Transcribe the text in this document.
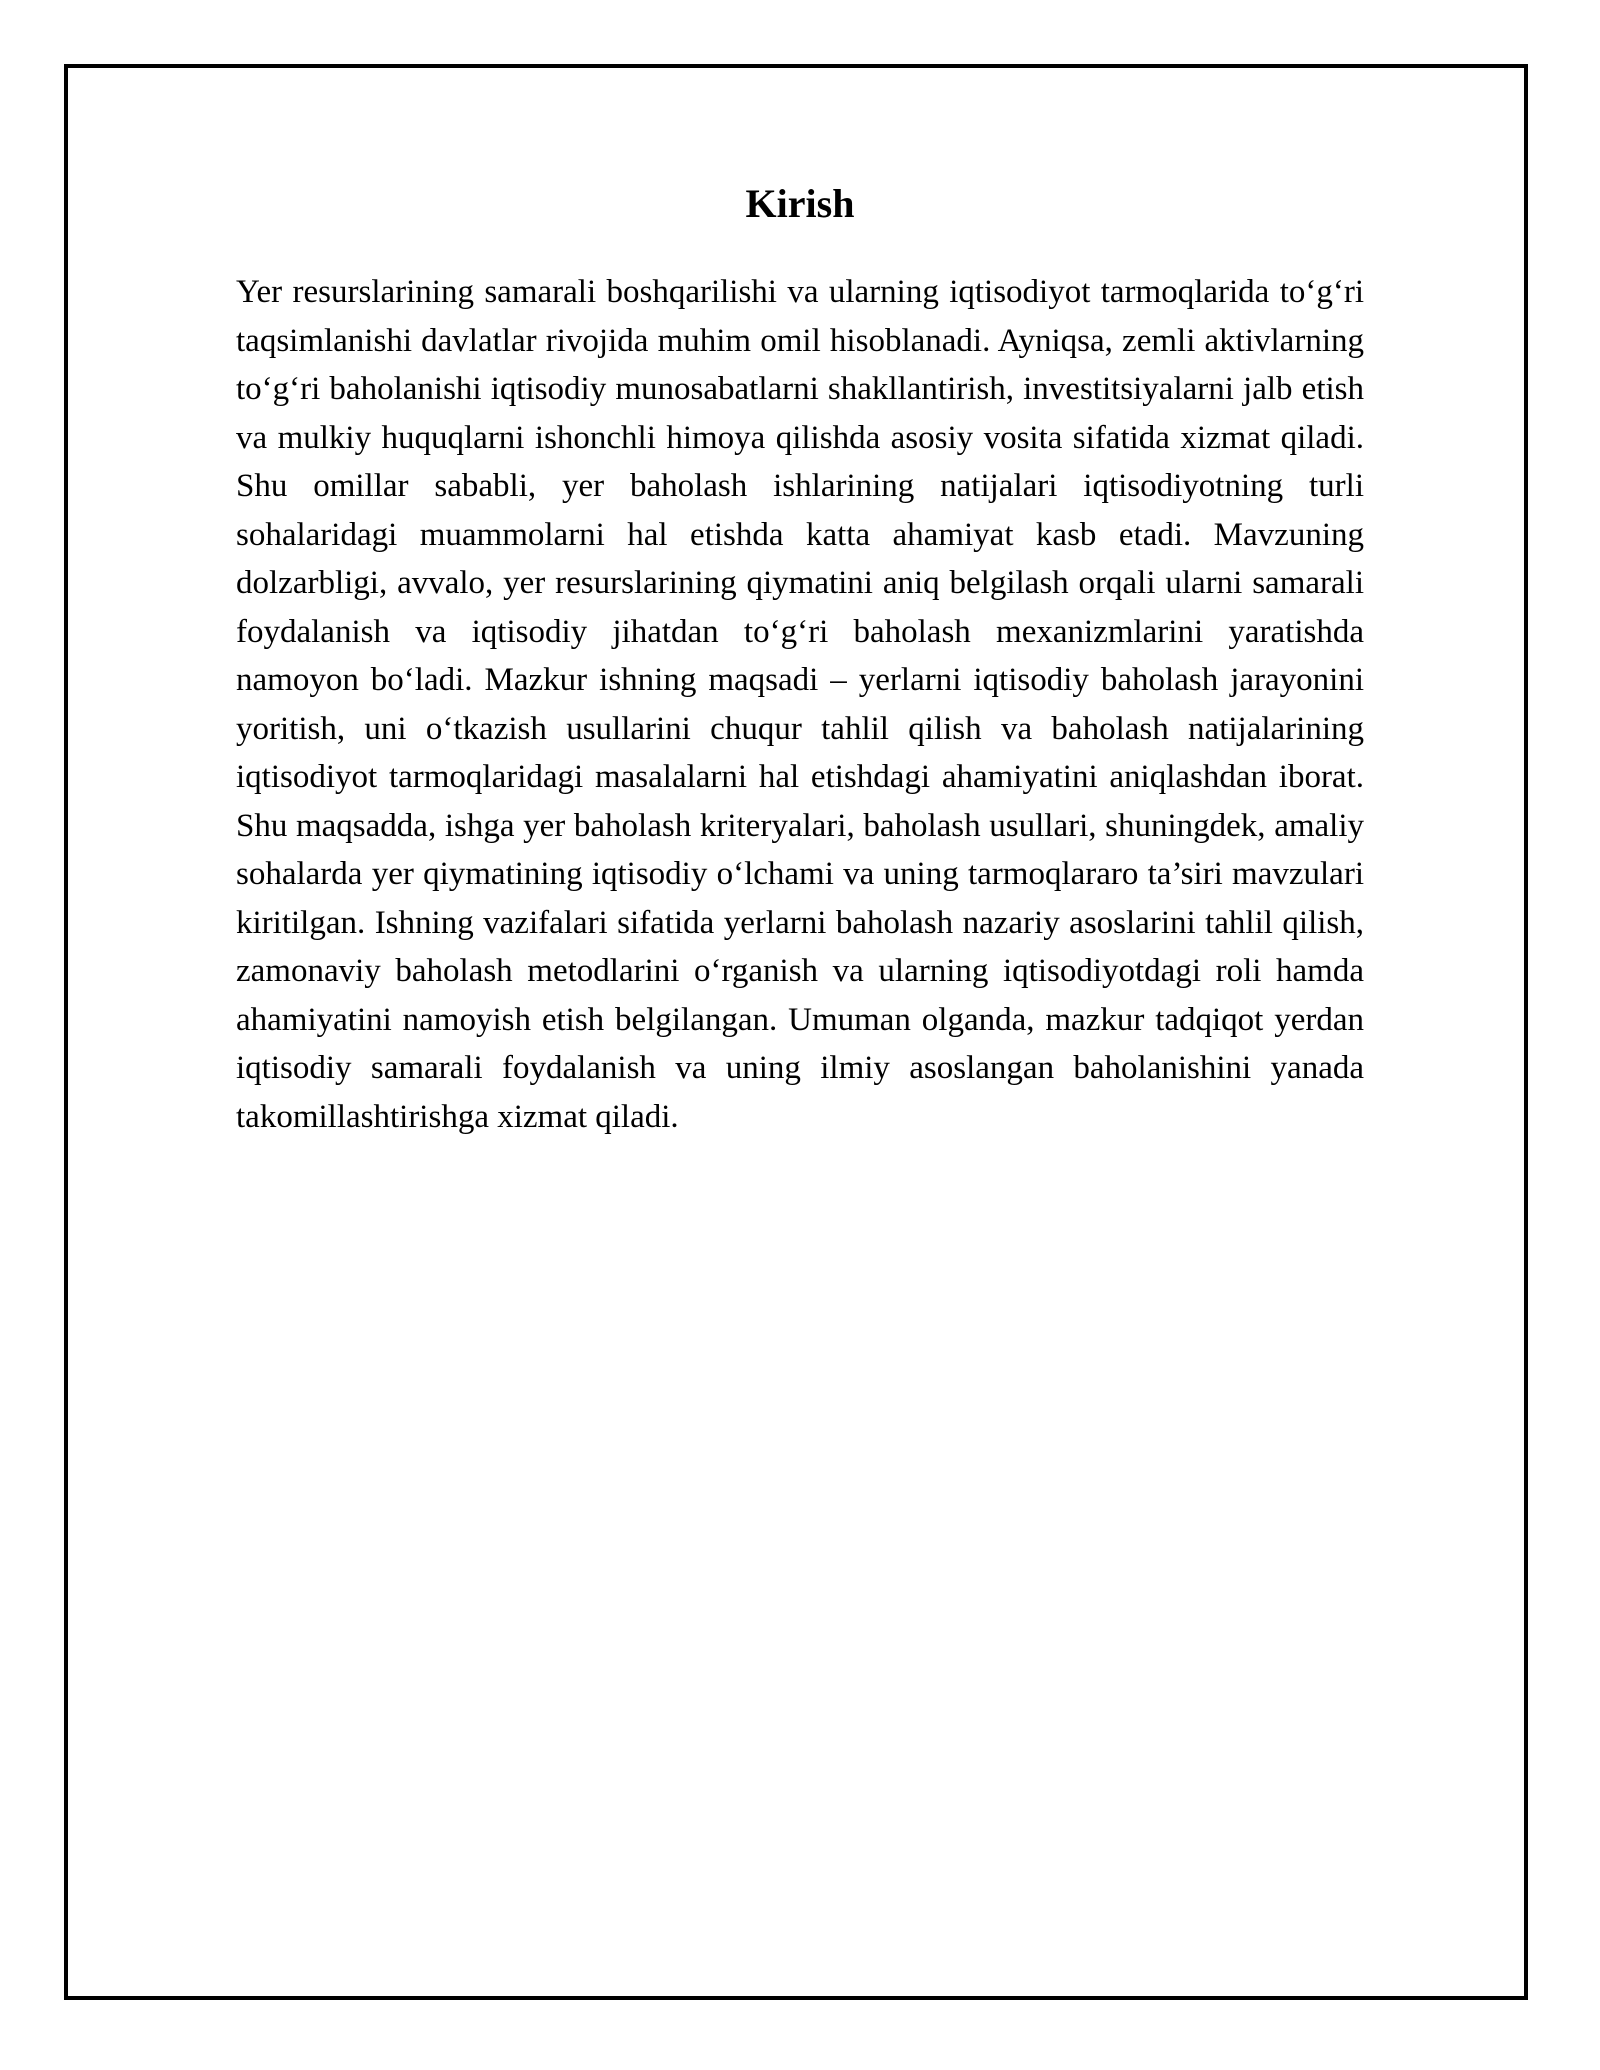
Kirish

Yer resurslarining samarali boshqarilishi va ularning iqtisodiyot tarmoqlarida to‘g‘ri taqsimlanishi davlatlar rivojida muhim omil hisoblanadi. Ayniqsa, zemli aktivlarning to‘g‘ri baholanishi iqtisodiy munosabatlarni shakllantirish, investitsiyalarni jalb etish va mulkiy huquqlarni ishonchli himoya qilishda asosiy vosita sifatida xizmat qiladi. Shu omillar sababli, yer baholash ishlarining natijalari iqtisodiyotning turli sohalaridagi muammolarni hal etishda katta ahamiyat kasb etadi. Mavzuning dolzarbligi, avvalo, yer resurslarining qiymatini aniq belgilash orqali ularni samarali foydalanish va iqtisodiy jihatdan to‘g‘ri baholash mexanizmlarini yaratishda namoyon bo‘ladi. Mazkur ishning maqsadi – yerlarni iqtisodiy baholash jarayonini yoritish, uni o‘tkazish usullarini chuqur tahlil qilish va baholash natijalarining iqtisodiyot tarmoqlaridagi masalalarni hal etishdagi ahamiyatini aniqlashdan iborat. Shu maqsadda, ishga yer baholash kriteryalari, baholash usullari, shuningdek, amaliy sohalarda yer qiymatining iqtisodiy o‘lchami va uning tarmoqlararo ta’siri mavzulari kiritilgan. Ishning vazifalari sifatida yerlarni baholash nazariy asoslarini tahlil qilish, zamonaviy baholash metodlarini o‘rganish va ularning iqtisodiyotdagi roli hamda ahamiyatini namoyish etish belgilangan. Umuman olganda, mazkur tadqiqot yerdan iqtisodiy samarali foydalanish va uning ilmiy asoslangan baholanishini yanada takomillashtirishga xizmat qiladi.
